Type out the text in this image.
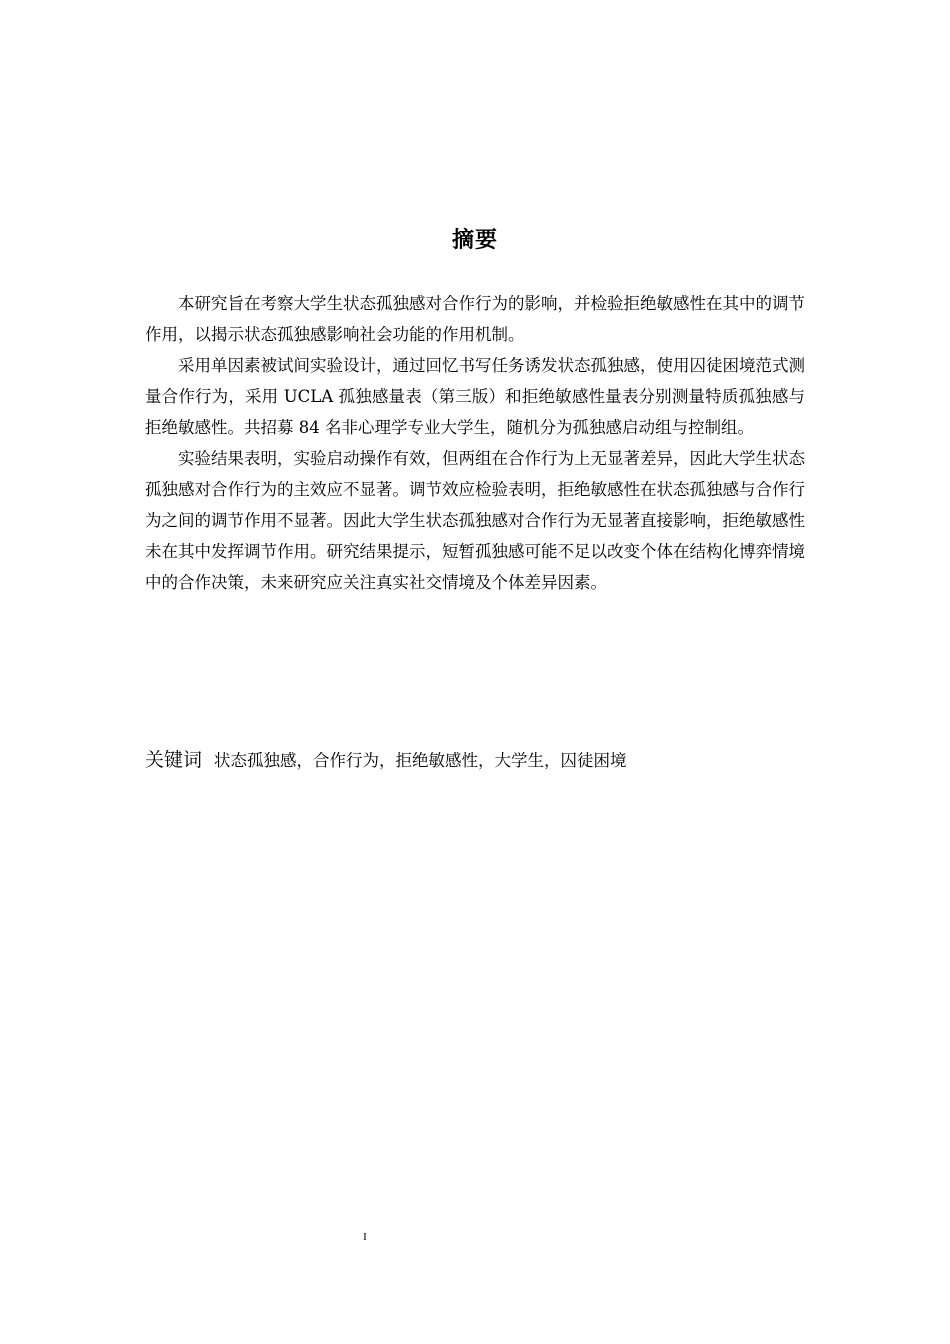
摘要

本研究旨在考察大学生状态孤独感对合作行为的影响，并检验拒绝敏感性在其中的调节作用，以揭示状态孤独感影响社会功能的作用机制。

采用单因素被试间实验设计，通过回忆书写任务诱发状态孤独感，使用囚徒困境范式测量合作行为，采用 UCLA 孤独感量表（第三版）和拒绝敏感性量表分别测量特质孤独感与拒绝敏感性。共招募 84 名非心理学专业大学生，随机分为孤独感启动组与控制组。

实验结果表明，实验启动操作有效，但两组在合作行为上无显著差异，因此大学生状态孤独感对合作行为的主效应不显著。调节效应检验表明，拒绝敏感性在状态孤独感与合作行为之间的调节作用不显著。因此大学生状态孤独感对合作行为无显著直接影响，拒绝敏感性未在其中发挥调节作用。研究结果提示，短暂孤独感可能不足以改变个体在结构化博弈情境中的合作决策，未来研究应关注真实社交情境及个体差异因素。

关键词 状态孤独感，合作行为，拒绝敏感性，大学生，囚徒困境
I
